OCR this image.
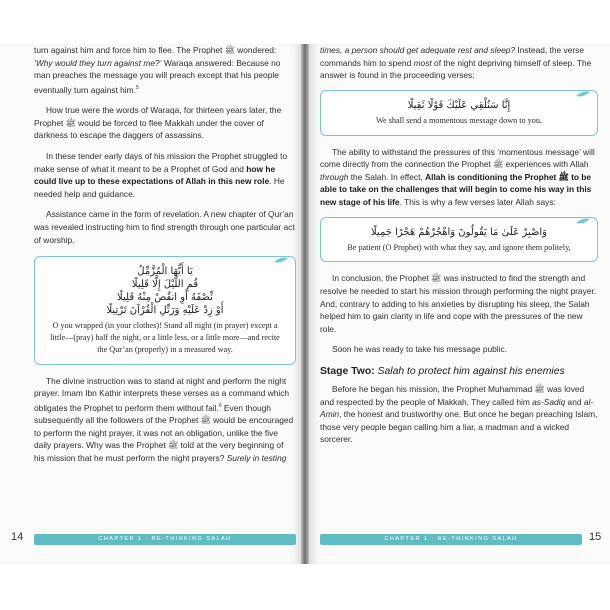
turn against him and force him to flee. The Prophet ﷺ wondered: ‘Why would they turn against me?’ Waraqa answered: Because no man preaches the message you will preach except that his people eventually turn against him.$^5$

How true were the words of Waraqa, for thirteen years later, the Prophet ﷺ would be forced to flee Makkah under the cover of darkness to escape the daggers of assassins.

In these tender early days of his mission the Prophet struggled to make sense of what it meant to be a Prophet of God and how he could live up to these expectations of Allah in this new role. He needed help and guidance.

Assistance came in the form of revelation. A new chapter of Qur’an was revealed instructing him to find strength through one particular act of worship.

يَا أَيُّهَا الْمُزَّمِّلُ
قُمِ اللَّيْلَ إِلَّا قَلِيلًا
نِّصْفَهُ أَوِ انقُصْ مِنْهُ قَلِيلًا
أَوْ زِدْ عَلَيْهِ وَرَتِّلِ الْقُرْآنَ تَرْتِيلًا
O you wrapped (in your clothes)! Stand all night (in prayer) except a little—(pray) half the night, or a little less, or a little more—and recite the Qur’an (properly) in a measured way.

The divine instruction was to stand at night and perform the night prayer. Imam Ibn Kathir interprets these verses as a command which obligates the Prophet to perform them without fail.$^6$ Even though subsequently all the followers of the Prophet ﷺ would be encouraged to perform the night prayer, it was not an obligation, unlike the five daily prayers. Why was the Prophet ﷺ told at the very beginning of his mission that he must perform the night prayers? Surely in testing

14	CHAPTER 1 · RE-THINKING SALAH

times, a person should get adequate rest and sleep? Instead, the verse commands him to spend most of the night depriving himself of sleep. The answer is found in the proceeding verses:

إِنَّا سَنُلْقِي عَلَيْكَ قَوْلًا ثَقِيلًا
We shall send a momentous message down to you.

The ability to withstand the pressures of this ‘momentous message’ will come directly from the connection the Prophet ﷺ experiences with Allah through the Salah. In effect, Allah is conditioning the Prophet ﷺ to be able to take on the challenges that will begin to come his way in this new stage of his life. This is why a few verses later Allah says:

وَاصْبِرْ عَلَىٰ مَا يَقُولُونَ وَاهْجُرْهُمْ هَجْرًا جَمِيلًا
Be patient (O Prophet) with what they say, and ignore them politely,

In conclusion, the Prophet ﷺ was instructed to find the strength and resolve he needed to start his mission through performing the night prayer. And, contrary to adding to his anxieties by disrupting his sleep, the Salah helped him to gain clarity in life and cope with the pressures of the new role.

Soon he was ready to take his message public.

Stage Two: Salah to protect him against his enemies

Before he began his mission, the Prophet Muhammad ﷺ was loved and respected by the people of Makkah. They called him as-Sadiq and al-Amin, the honest and trustworthy one. But once he began preaching Islam, those very people began calling him a liar, a madman and a wicked sorcerer.

CHAPTER 1 · RE-THINKING SALAH	15
